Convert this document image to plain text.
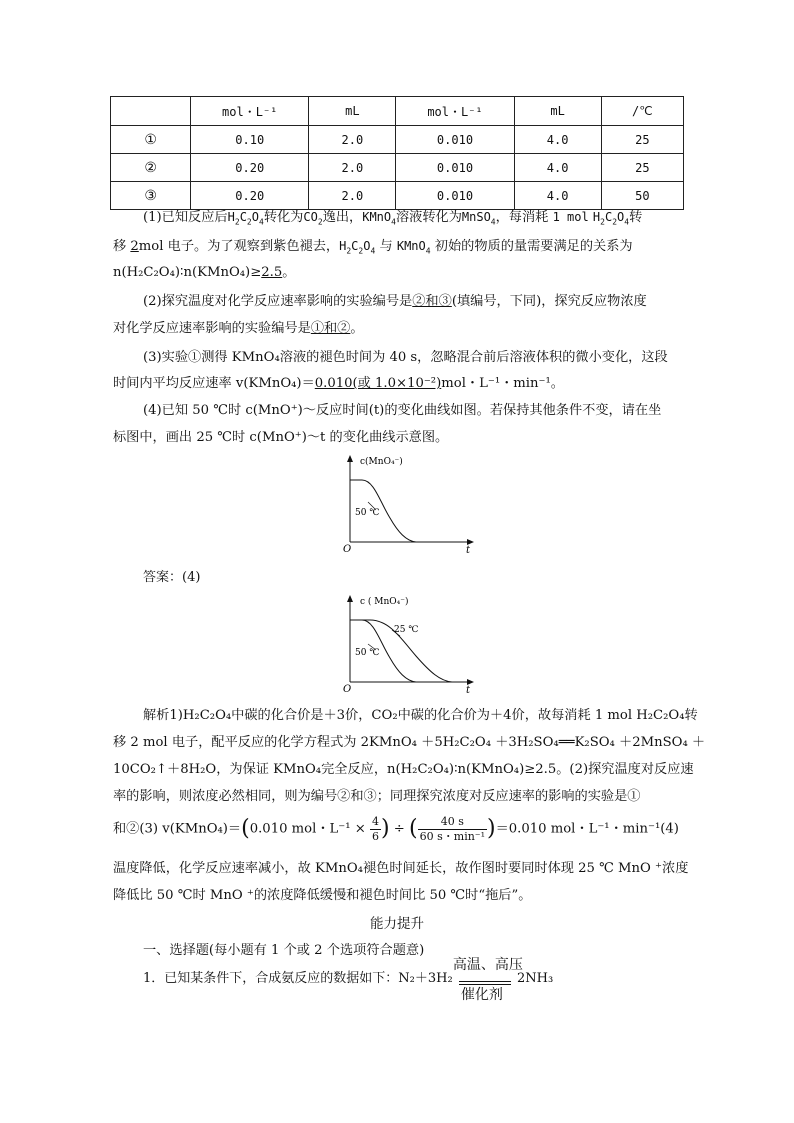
	mol・L⁻¹	mL	mol・L⁻¹	mL	/℃
①	0.10	2.0	0.010	4.0	25
②	0.20	2.0	0.010	4.0	25
③	0.20	2.0	0.010	4.0	50
(1)已知反应后$H_2C_2O_4$转化为$CO_2$逸出，KMnO$_4$溶液转化为MnSO$_4$，每消耗 1 mol $H_2C_2O_4$转
移 2mol 电子。为了观察到紫色褪去，$H_2C_2O_4$ 与 KMnO$_4$ 初始的物质的量需要满足的关系为
n(H₂C₂O₄)∶n(KMnO₄)≥2.5。
(2)探究温度对化学反应速率影响的实验编号是②和③(填编号，下同)，探究反应物浓度
对化学反应速率影响的实验编号是①和②。
(3)实验①测得 KMnO₄溶液的褪色时间为 40 s，忽略混合前后溶液体积的微小变化，这段
时间内平均反应速率 v(KMnO₄)＝0.010(或 1.0×10⁻²)mol・L⁻¹・min⁻¹。
(4)已知 50 ℃时 c(MnO⁺)～反应时间(t)的变化曲线如图。若保持其他条件不变，请在坐
标图中，画出 25 ℃时 c(MnO⁺)～t 的变化曲线示意图。
c(MnO₄⁻)
50 ℃
O	t
答案：(4)
c ( MnO₄⁻)
25 ℃
50 ℃
O	t
解析1)H₂C₂O₄中碳的化合价是＋3价，CO₂中碳的化合价为＋4价，故每消耗 1 mol H₂C₂O₄转
移 2 mol 电子，配平反应的化学方程式为 2KMnO₄ ＋5H₂C₂O₄ ＋3H₂SO₄══K₂SO₄ ＋2MnSO₄ ＋
10CO₂↑＋8H₂O，为保证 KMnO₄完全反应，n(H₂C₂O₄)∶n(KMnO₄)≥2.5。(2)探究温度对反应速
率的影响，则浓度必然相同，则为编号②和③；同理探究浓度对反应速率的影响的实验是①
和②(3) v(KMnO₄)＝(0.010 mol・$L^{-1} \times \frac{4}{6}$ ) ÷ ( $\frac{40 s}{\text{60 s・min⁻¹}} )=0.010$ mol・L⁻¹・min⁻¹(4)
温度降低，化学反应速率减小，故 KMnO₄褪色时间延长，故作图时要同时体现 25 ℃ MnO ⁺浓度
降低比 50 ℃时 MnO ⁺的浓度降低缓慢和褪色时间比 50 ℃时“拖后”。
能力提升
一、选择题(每小题有 1 个或 2 个选项符合题意)
1．已知某条件下，合成氨反应的数据如下：N₂＋3H₂
高温、高压
催化剂
2NH₃
